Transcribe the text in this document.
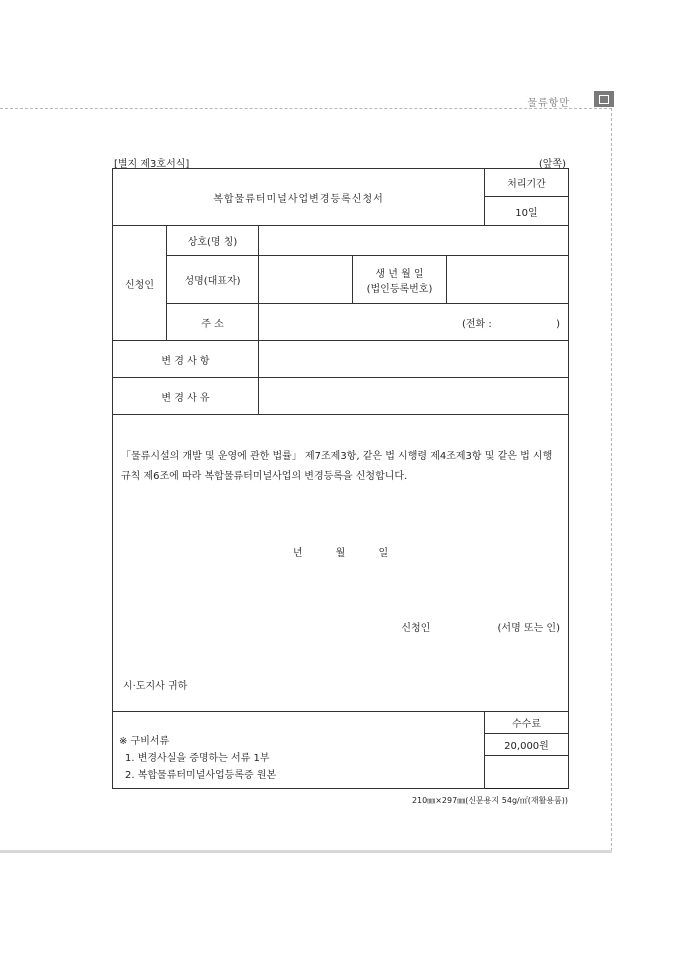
물류항만
[별지 제3호서식]	(앞쪽)
복합물류터미널사업변경등록신청서					처리기간
					10일
신청인	상호(명 칭)				
	성명(대표자)		생 년 월 일
(법인등록번호)		

	주 소	(전화 : )			
변 경 사 항					
변 경 사 유					

「물류시설의 개발 및 운영에 관한 법률」 제7조제3항, 같은 법 시행령 제4조제3항 및 같은 법 시행규칙 제6조에 따라 복합물류터미널사업의 변경등록을 신청합니다.
년 월 일
신청인 (서명 또는 인)
시·도지사 귀하					

※ 구비서류
1. 변경사실을 증명하는 서류 1부
2. 복합물류터미널사업등록증 원본					수수료
					20,000원

210㎜×297㎜(신문용지 54g/㎡(재활용품))
